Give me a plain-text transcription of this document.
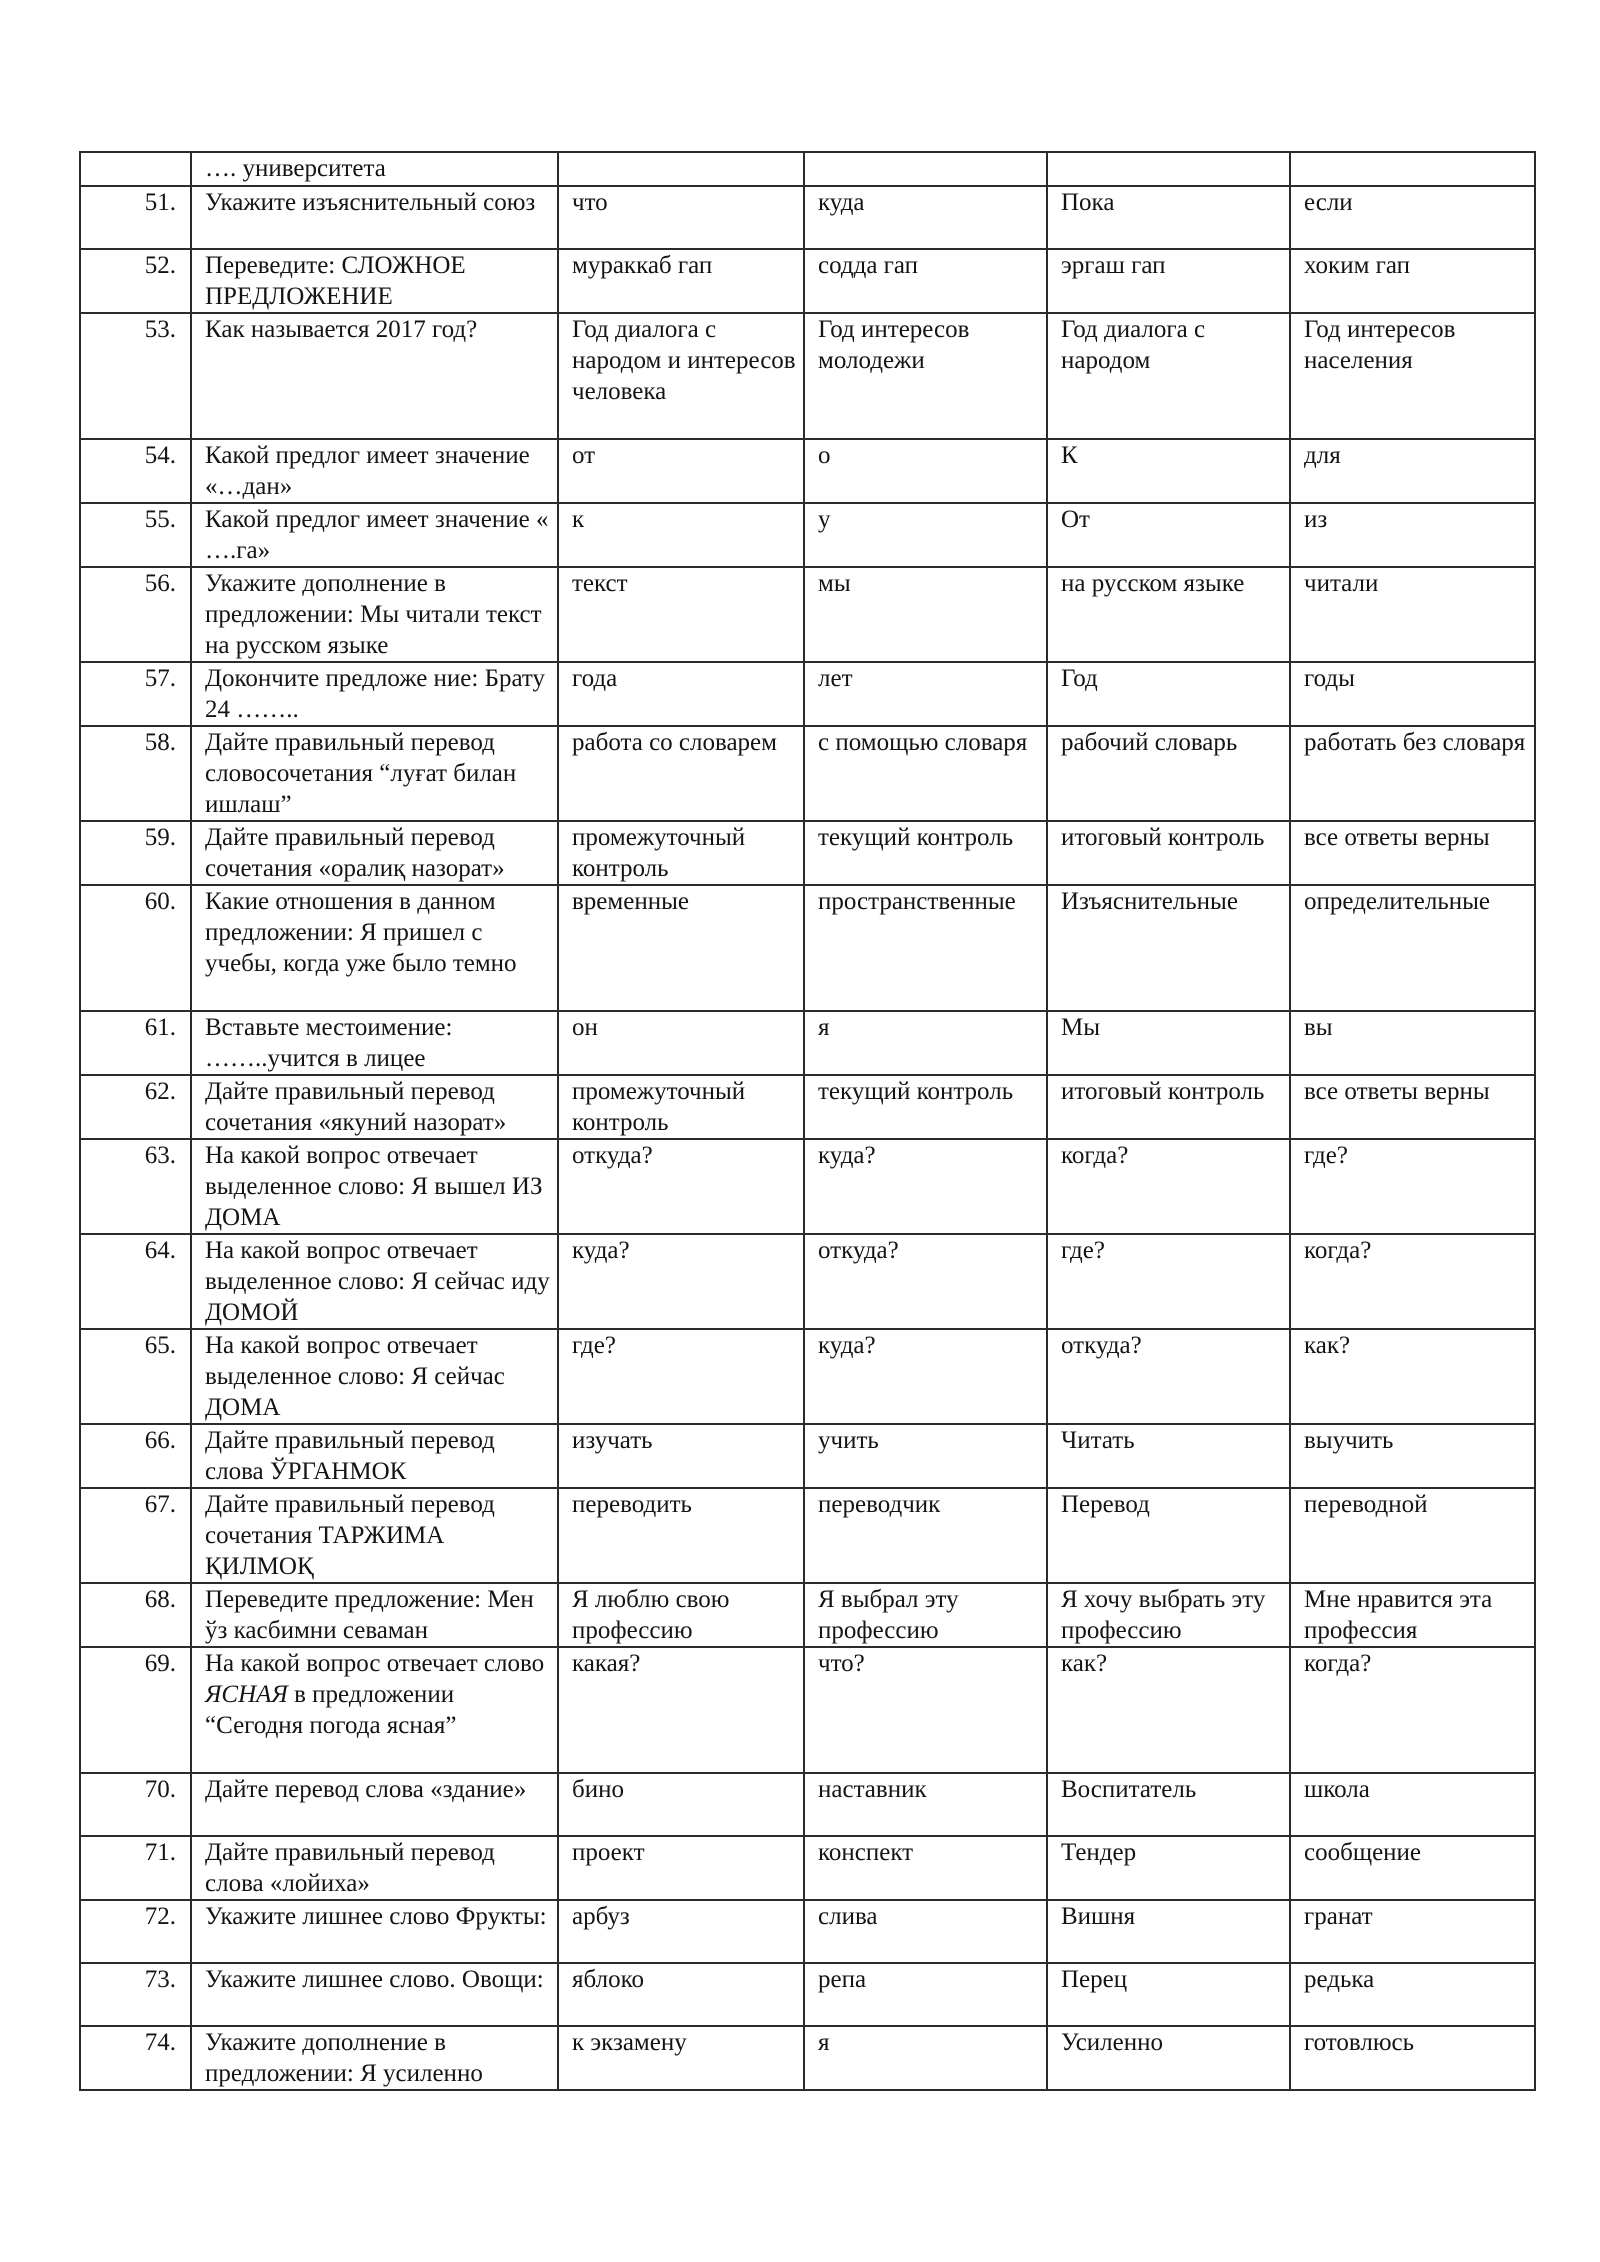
	…. университета				
51.	Укажите изъяснительный союз	что	куда	Пока	если
52.	Переведите: СЛОЖНОЕ ПРЕДЛОЖЕНИЕ	мураккаб гап	содда гап	эргаш гап	хоким гап
53.	Как называется 2017 год?	Год диалога с народом и интересов человека	Год интересов молодежи	Год диалога с народом	Год интересов населения
54.	Какой предлог имеет значение «…дан»	от	о	К	для
55.	Какой предлог имеет значение « ….га»	к	у	От	из
56.	Укажите дополнение в предложении: Мы читали текст на русском языке	текст	мы	на русском языке	читали
57.	Докончите предложе ние: Брату 24 ……..	года	лет	Год	годы
58.	Дайте правильный перевод словосочетания “луғат билан ишлаш”	работа со словарем	с помощью словаря	рабочий словарь	работать без словаря
59.	Дайте правильный перевод сочетания «оралиқ назорат»	промежуточный контроль	текущий контроль	итоговый контроль	все ответы верны
60.	Какие отношения в данном предложении: Я пришел с учебы, когда уже было темно	временные	пространственные	Изъяснительные	определительные
61.	Вставьте местоимение: ……..учится в лицее	он	я	Мы	вы
62.	Дайте правильный перевод сочетания «якуний назорат»	промежуточный контроль	текущий контроль	итоговый контроль	все ответы верны
63.	На какой вопрос отвечает выделенное слово: Я вышел ИЗ ДОМА	откуда?	куда?	когда?	где?
64.	На какой вопрос отвечает выделенное слово: Я сейчас иду ДОМОЙ	куда?	откуда?	где?	когда?
65.	На какой вопрос отвечает выделенное слово: Я сейчас ДОМА	где?	куда?	откуда?	как?
66.	Дайте правильный перевод слова ЎРГАНМОК	изучать	учить	Читать	выучить
67.	Дайте правильный перевод сочетания ТАРЖИМА ҚИЛМОҚ	переводить	переводчик	Перевод	переводной
68.	Переведите предложение: Мен ўз касбимни севаман	Я люблю свою профессию	Я выбрал эту профессию	Я хочу выбрать эту профессию	Мне нравится эта профессия
69.	На какой вопрос отвечает слово ЯСНАЯ в предложении “Сегодня погода ясная”	какая?	что?	как?	когда?
70.	Дайте перевод слова «здание»	бино	наставник	Воспитатель	школа
71.	Дайте правильный перевод слова «лойиха»	проект	конспект	Тендер	сообщение
72.	Укажите лишнее слово Фрукты:	арбуз	слива	Вишня	гранат
73.	Укажите лишнее слово. Овощи:	яблоко	репа	Перец	редька
74.	Укажите дополнение в предложении: Я усиленно	к экзамену	я	Усиленно	готовлюсь
